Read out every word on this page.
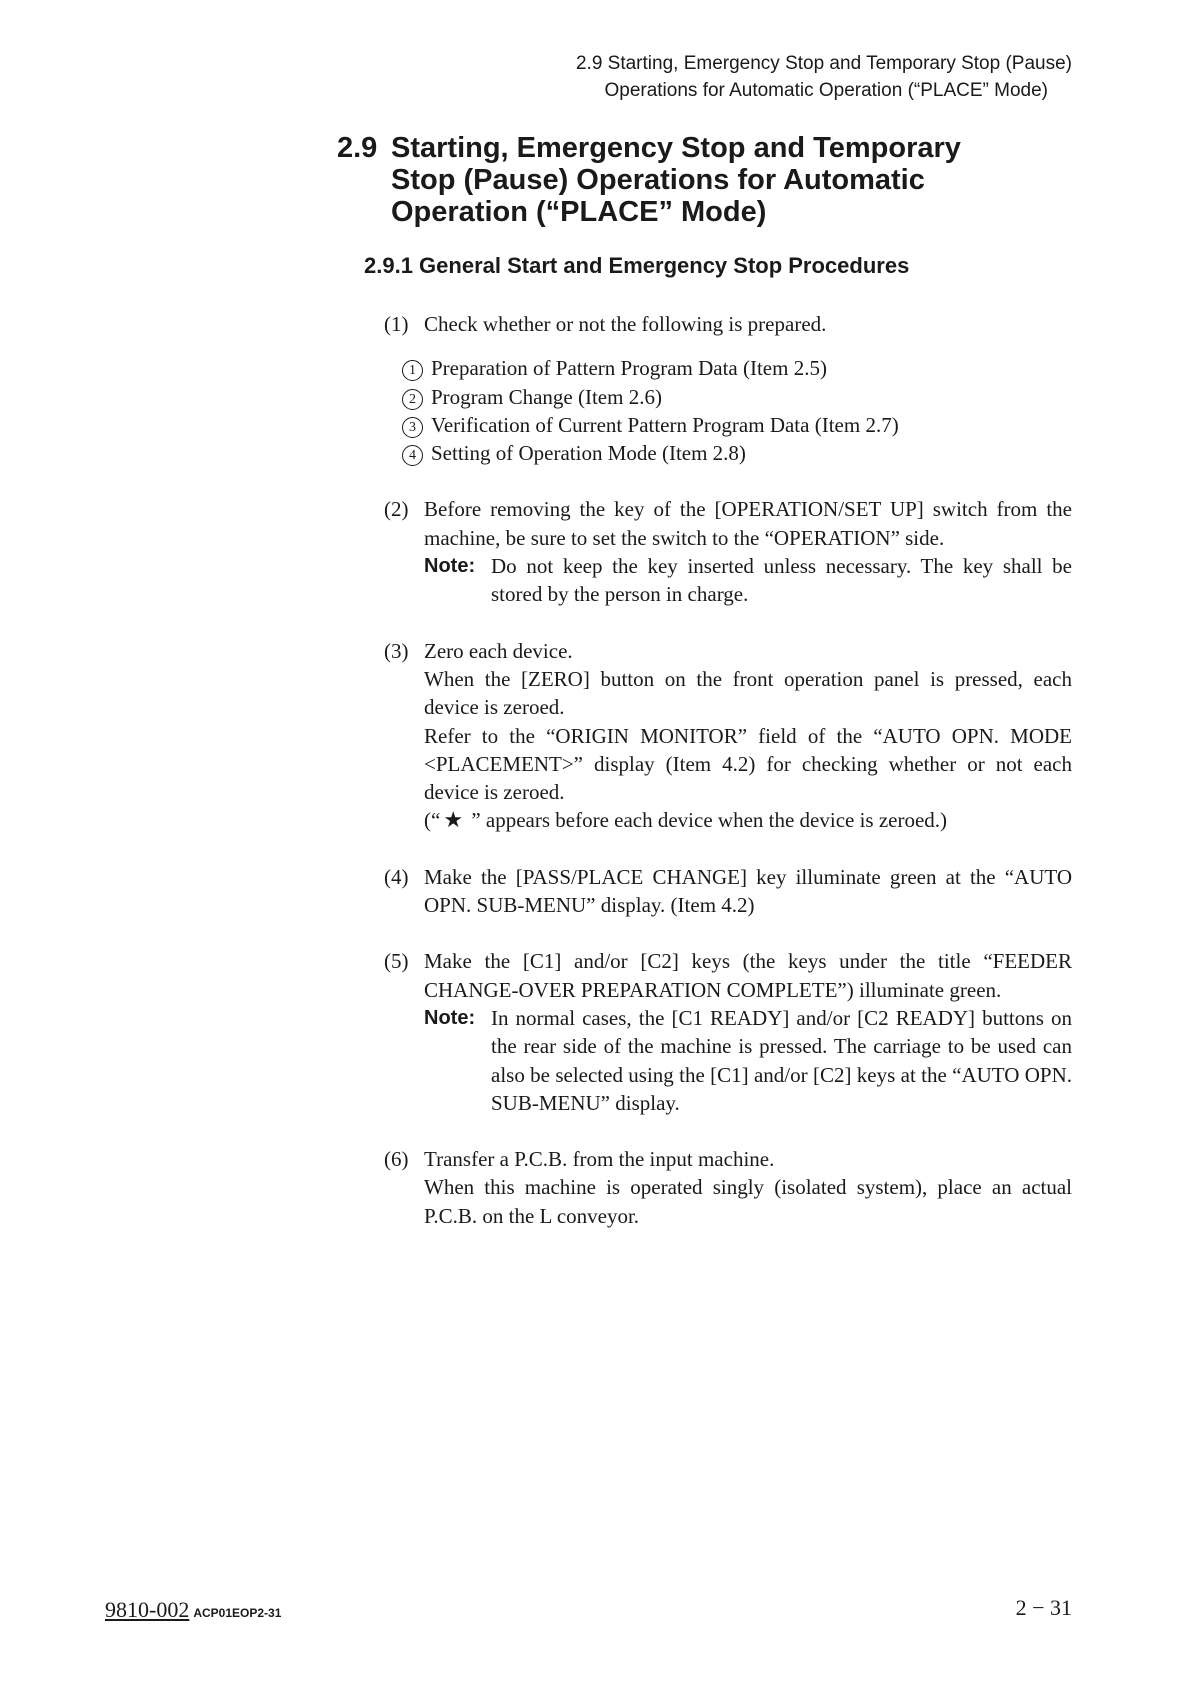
2.9 Starting, Emergency Stop and Temporary Stop (Pause)
Operations for Automatic Operation (“PLACE” Mode)
2.9 Starting, Emergency Stop and Temporary
Stop (Pause) Operations for Automatic
Operation (“PLACE” Mode)
2.9.1 General Start and Emergency Stop Procedures
(1) Check whether or not the following is prepared.

1 Preparation of Pattern Program Data (Item 2.5)
2 Program Change (Item 2.6)
3 Verification of Current Pattern Program Data (Item 2.7)
4 Setting of Operation Mode (Item 2.8)
(2) Before removing the key of the [OPERATION/SET UP] switch from the machine, be sure to set the switch to the “OPERATION” side.

Note: Do not keep the key inserted unless necessary. The key shall be stored by the person in charge.

(3) Zero each device.

When the [ZERO] button on the front operation panel is pressed, each device is zeroed.

Refer to the “ORIGIN MONITOR” field of the “AUTO OPN. MODE <PLACEMENT>” display (Item 4.2) for checking whether or not each device is zeroed.

(“ ★ ” appears before each device when the device is zeroed.)

(4) Make the [PASS/PLACE CHANGE] key illuminate green at the “AUTO OPN. SUB-MENU” display. (Item 4.2)

(5) Make the [C1] and/or [C2] keys (the keys under the title “FEEDER CHANGE-OVER PREPARATION COMPLETE”) illuminate green.

Note: In normal cases, the [C1 READY] and/or [C2 READY] buttons on the rear side of the machine is pressed. The carriage to be used can also be selected using the [C1] and/or [C2] keys at the “AUTO OPN. SUB-MENU” display.

(6) Transfer a P.C.B. from the input machine.

When this machine is operated singly (isolated system), place an actual P.C.B. on the L conveyor.

9810-002 ACP01EOP2-31	2 − 31
